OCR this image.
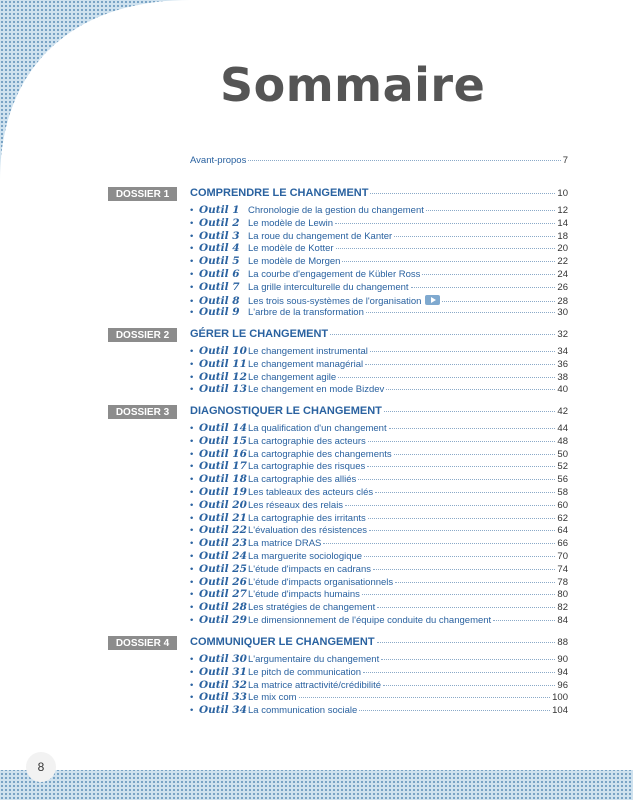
Sommaire
Avant-propos	7
DOSSIER 1	COMPRENDRE LE CHANGEMENT	10
• Outil 1 Chronologie de la gestion du changement	12
• Outil 2 Le modèle de Lewin	14
• Outil 3 La roue du changement de Kanter	18
• Outil 4 Le modèle de Kotter	20
• Outil 5 Le modèle de Morgen	22
• Outil 6 La courbe d'engagement de Kübler Ross	24
• Outil 7 La grille interculturelle du changement	26
• Outil 8 Les trois sous-systèmes de l'organisation	28
• Outil 9 L'arbre de la transformation	30
DOSSIER 2	GÉRER LE CHANGEMENT	32
• Outil 10 Le changement instrumental	34
• Outil 11 Le changement managérial	36
• Outil 12 Le changement agile	38
• Outil 13 Le changement en mode Bizdev	40
DOSSIER 3	DIAGNOSTIQUER LE CHANGEMENT	42
• Outil 14 La qualification d'un changement	44
• Outil 15 La cartographie des acteurs	48
• Outil 16 La cartographie des changements	50
• Outil 17 La cartographie des risques	52
• Outil 18 La cartographie des alliés	56
• Outil 19 Les tableaux des acteurs clés	58
• Outil 20 Les réseaux des relais	60
• Outil 21 La cartographie des irritants	62
• Outil 22 L'évaluation des résistences	64
• Outil 23 La matrice DRAS	66
• Outil 24 La marguerite sociologique	70
• Outil 25 L'étude d'impacts en cadrans	74
• Outil 26 L'étude d'impacts organisationnels	78
• Outil 27 L'étude d'impacts humains	80
• Outil 28 Les stratégies de changement	82
• Outil 29 Le dimensionnement de l'équipe conduite du changement	84
DOSSIER 4	COMMUNIQUER LE CHANGEMENT	88
• Outil 30 L'argumentaire du changement	90
• Outil 31 Le pitch de communication	94
• Outil 32 La matrice attractivité/crédibilité	96
• Outil 33 Le mix com	100
• Outil 34 La communication sociale	104
8
